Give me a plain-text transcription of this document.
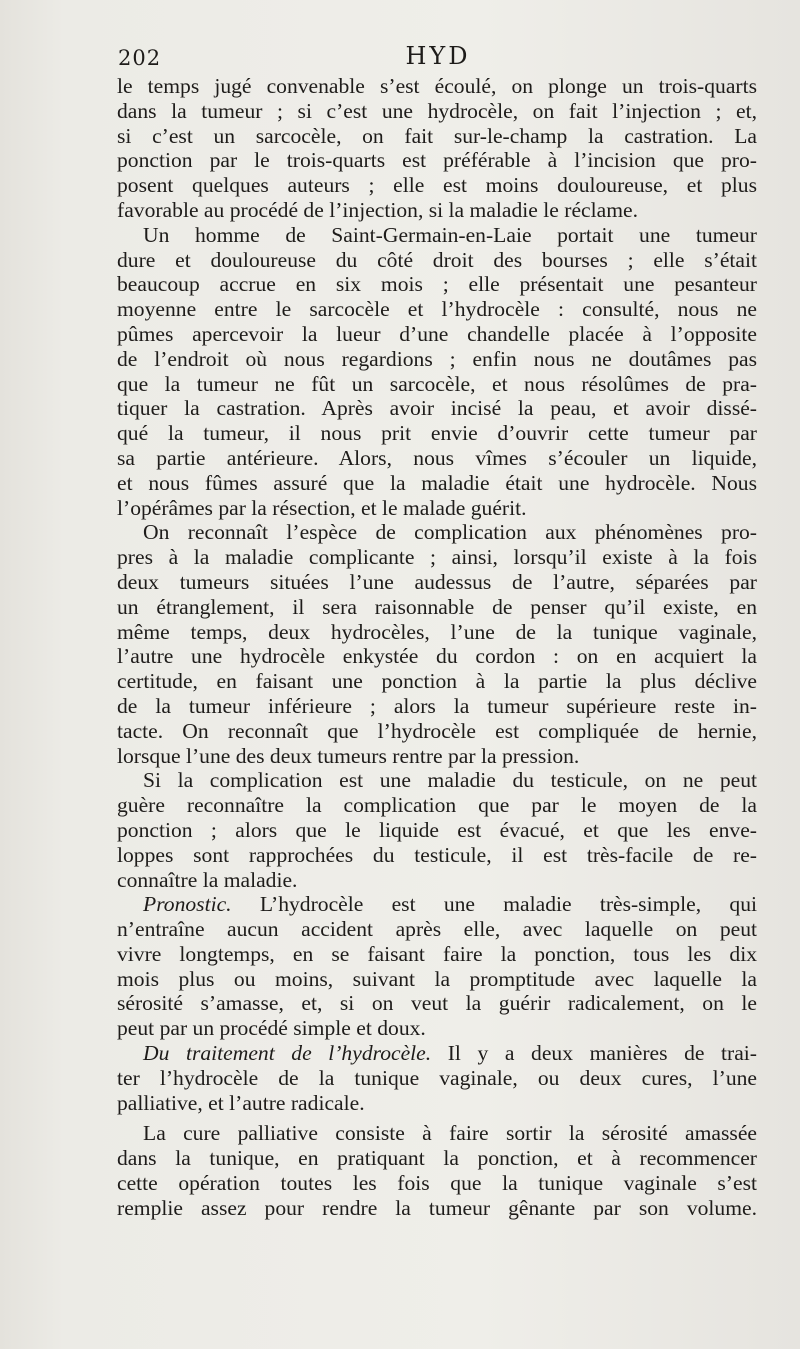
202	HYD
le temps jugé convenable s’est écoulé, on plonge un trois-quarts
dans la tumeur ; si c’est une hydrocèle, on fait l’injection ; et,
si c’est un sarcocèle, on fait sur-le-champ la castration. La
ponction par le trois-quarts est préférable à l’incision que pro-
posent quelques auteurs ; elle est moins douloureuse, et plus
favorable au procédé de l’injection, si la maladie le réclame.
Un homme de Saint-Germain-en-Laie portait une tumeur
dure et douloureuse du côté droit des bourses ; elle s’était
beaucoup accrue en six mois ; elle présentait une pesanteur
moyenne entre le sarcocèle et l’hydrocèle : consulté, nous ne
pûmes apercevoir la lueur d’une chandelle placée à l’opposite
de l’endroit où nous regardions ; enfin nous ne doutâmes pas
que la tumeur ne fût un sarcocèle, et nous résolûmes de pra-
tiquer la castration. Après avoir incisé la peau, et avoir dissé-
qué la tumeur, il nous prit envie d’ouvrir cette tumeur par
sa partie antérieure. Alors, nous vîmes s’écouler un liquide,
et nous fûmes assuré que la maladie était une hydrocèle. Nous
l’opérâmes par la résection, et le malade guérit.
On reconnaît l’espèce de complication aux phénomènes pro-
pres à la maladie complicante ; ainsi, lorsqu’il existe à la fois
deux tumeurs situées l’une audessus de l’autre, séparées par
un étranglement, il sera raisonnable de penser qu’il existe, en
même temps, deux hydrocèles, l’une de la tunique vaginale,
l’autre une hydrocèle enkystée du cordon : on en acquiert la
certitude, en faisant une ponction à la partie la plus déclive
de la tumeur inférieure ; alors la tumeur supérieure reste in-
tacte. On reconnaît que l’hydrocèle est compliquée de hernie,
lorsque l’une des deux tumeurs rentre par la pression.
Si la complication est une maladie du testicule, on ne peut
guère reconnaître la complication que par le moyen de la
ponction ; alors que le liquide est évacué, et que les enve-
loppes sont rapprochées du testicule, il est très-facile de re-
connaître la maladie.
Pronostic. L’hydrocèle est une maladie très-simple, qui
n’entraîne aucun accident après elle, avec laquelle on peut
vivre longtemps, en se faisant faire la ponction, tous les dix
mois plus ou moins, suivant la promptitude avec laquelle la
sérosité s’amasse, et, si on veut la guérir radicalement, on le
peut par un procédé simple et doux.
Du traitement de l’hydrocèle. Il y a deux manières de trai-
ter l’hydrocèle de la tunique vaginale, ou deux cures, l’une
palliative, et l’autre radicale.
La cure palliative consiste à faire sortir la sérosité amassée
dans la tunique, en pratiquant la ponction, et à recommencer
cette opération toutes les fois que la tunique vaginale s’est
remplie assez pour rendre la tumeur gênante par son volume.
